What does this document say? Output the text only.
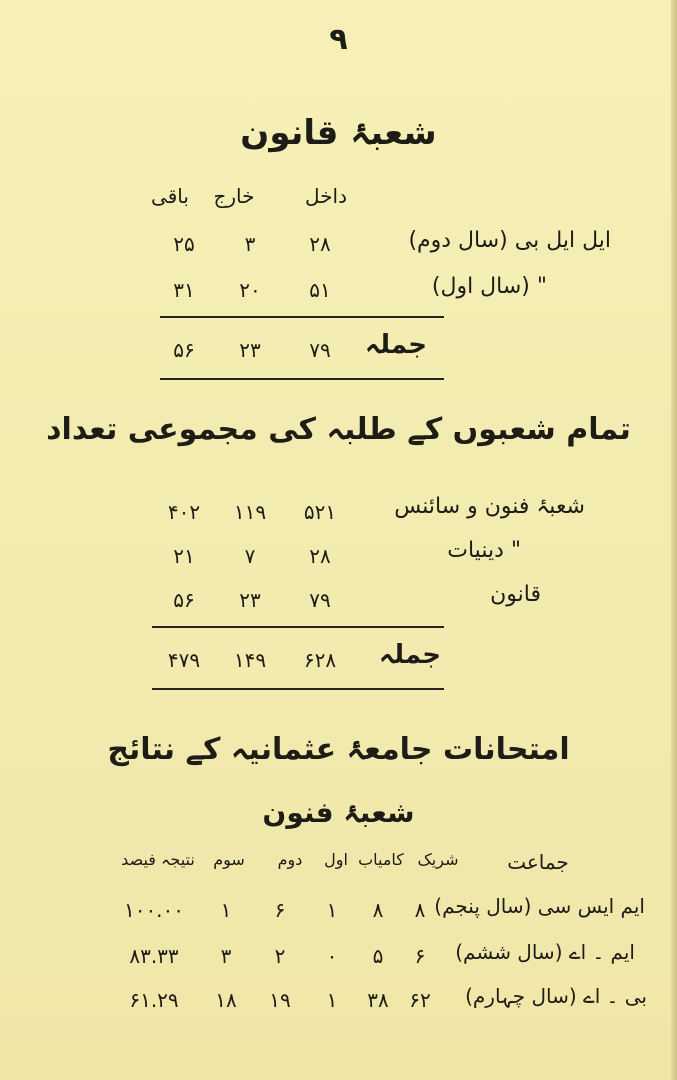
۹
شعبۂ قانون
داخل
خارج
باقی
ایل ایل بی (سال دوم)
۲۸
۳
۲۵
" (سال اول)
۵۱
۲۰
۳۱
جملہ
۷۹
۲۳
۵۶
تمام شعبوں کے طلبہ کی مجموعی تعداد
شعبۂ فنون و سائنس
۵۲۱
۱۱۹
۴۰۲
" دینیات
۲۸
۷
۲۱
قانون
۷۹
۲۳
۵۶
جملہ
۶۲۸
۱۴۹
۴۷۹
امتحانات جامعۂ عثمانیہ کے نتائج
شعبۂ فنون
جماعت
شریک
کامیاب
اول
دوم
سوم
نتیجہ فیصد
ایم ایس سی (سال پنجم)
۸
۸
۱
۶
۱
۱۰۰.۰۰
ایم ۔ اے (سال ششم)
۶
۵
۰
۲
۳
۸۳.۳۳
بی ۔ اے (سال چہارم)
۶۲
۳۸
۱
۱۹
۱۸
۶۱.۲۹
